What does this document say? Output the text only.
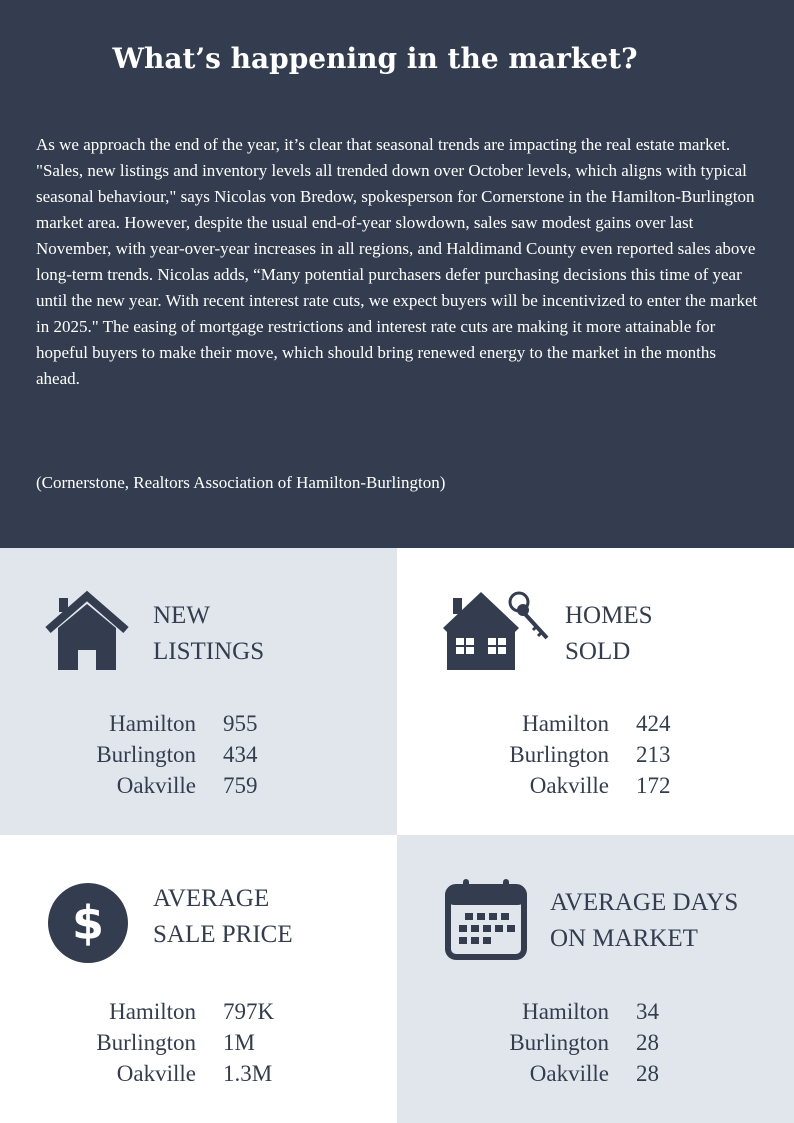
What’s happening in the market?

As we approach the end of the year, it’s clear that seasonal trends are impacting the real estate market. "Sales, new listings and inventory levels all trended down over October levels, which aligns with typical seasonal behaviour," says Nicolas von Bredow, spokesperson for Cornerstone in the Hamilton-Burlington market area. However, despite the usual end-of-year slowdown, sales saw modest gains over last November, with year-over-year increases in all regions, and Haldimand County even reported sales above long-term trends. Nicolas adds, “Many potential purchasers defer purchasing decisions this time of year until the new year. With recent interest rate cuts, we expect buyers will be incentivized to enter the market in 2025." The easing of mortgage restrictions and interest rate cuts are making it more attainable for hopeful buyers to make their move, which should bring renewed energy to the market in the months ahead.

(Cornerstone, Realtors Association of Hamilton-Burlington)

NEW
LISTINGS
Hamilton 955
Burlington 434
Oakville 759
HOMES
SOLD
Hamilton 424
Burlington 213
Oakville 172
$ AVERAGE
SALE PRICE
Hamilton 797K
Burlington 1M
Oakville 1.3M
AVERAGE DAYS
ON MARKET
Hamilton 34
Burlington 28
Oakville 28
